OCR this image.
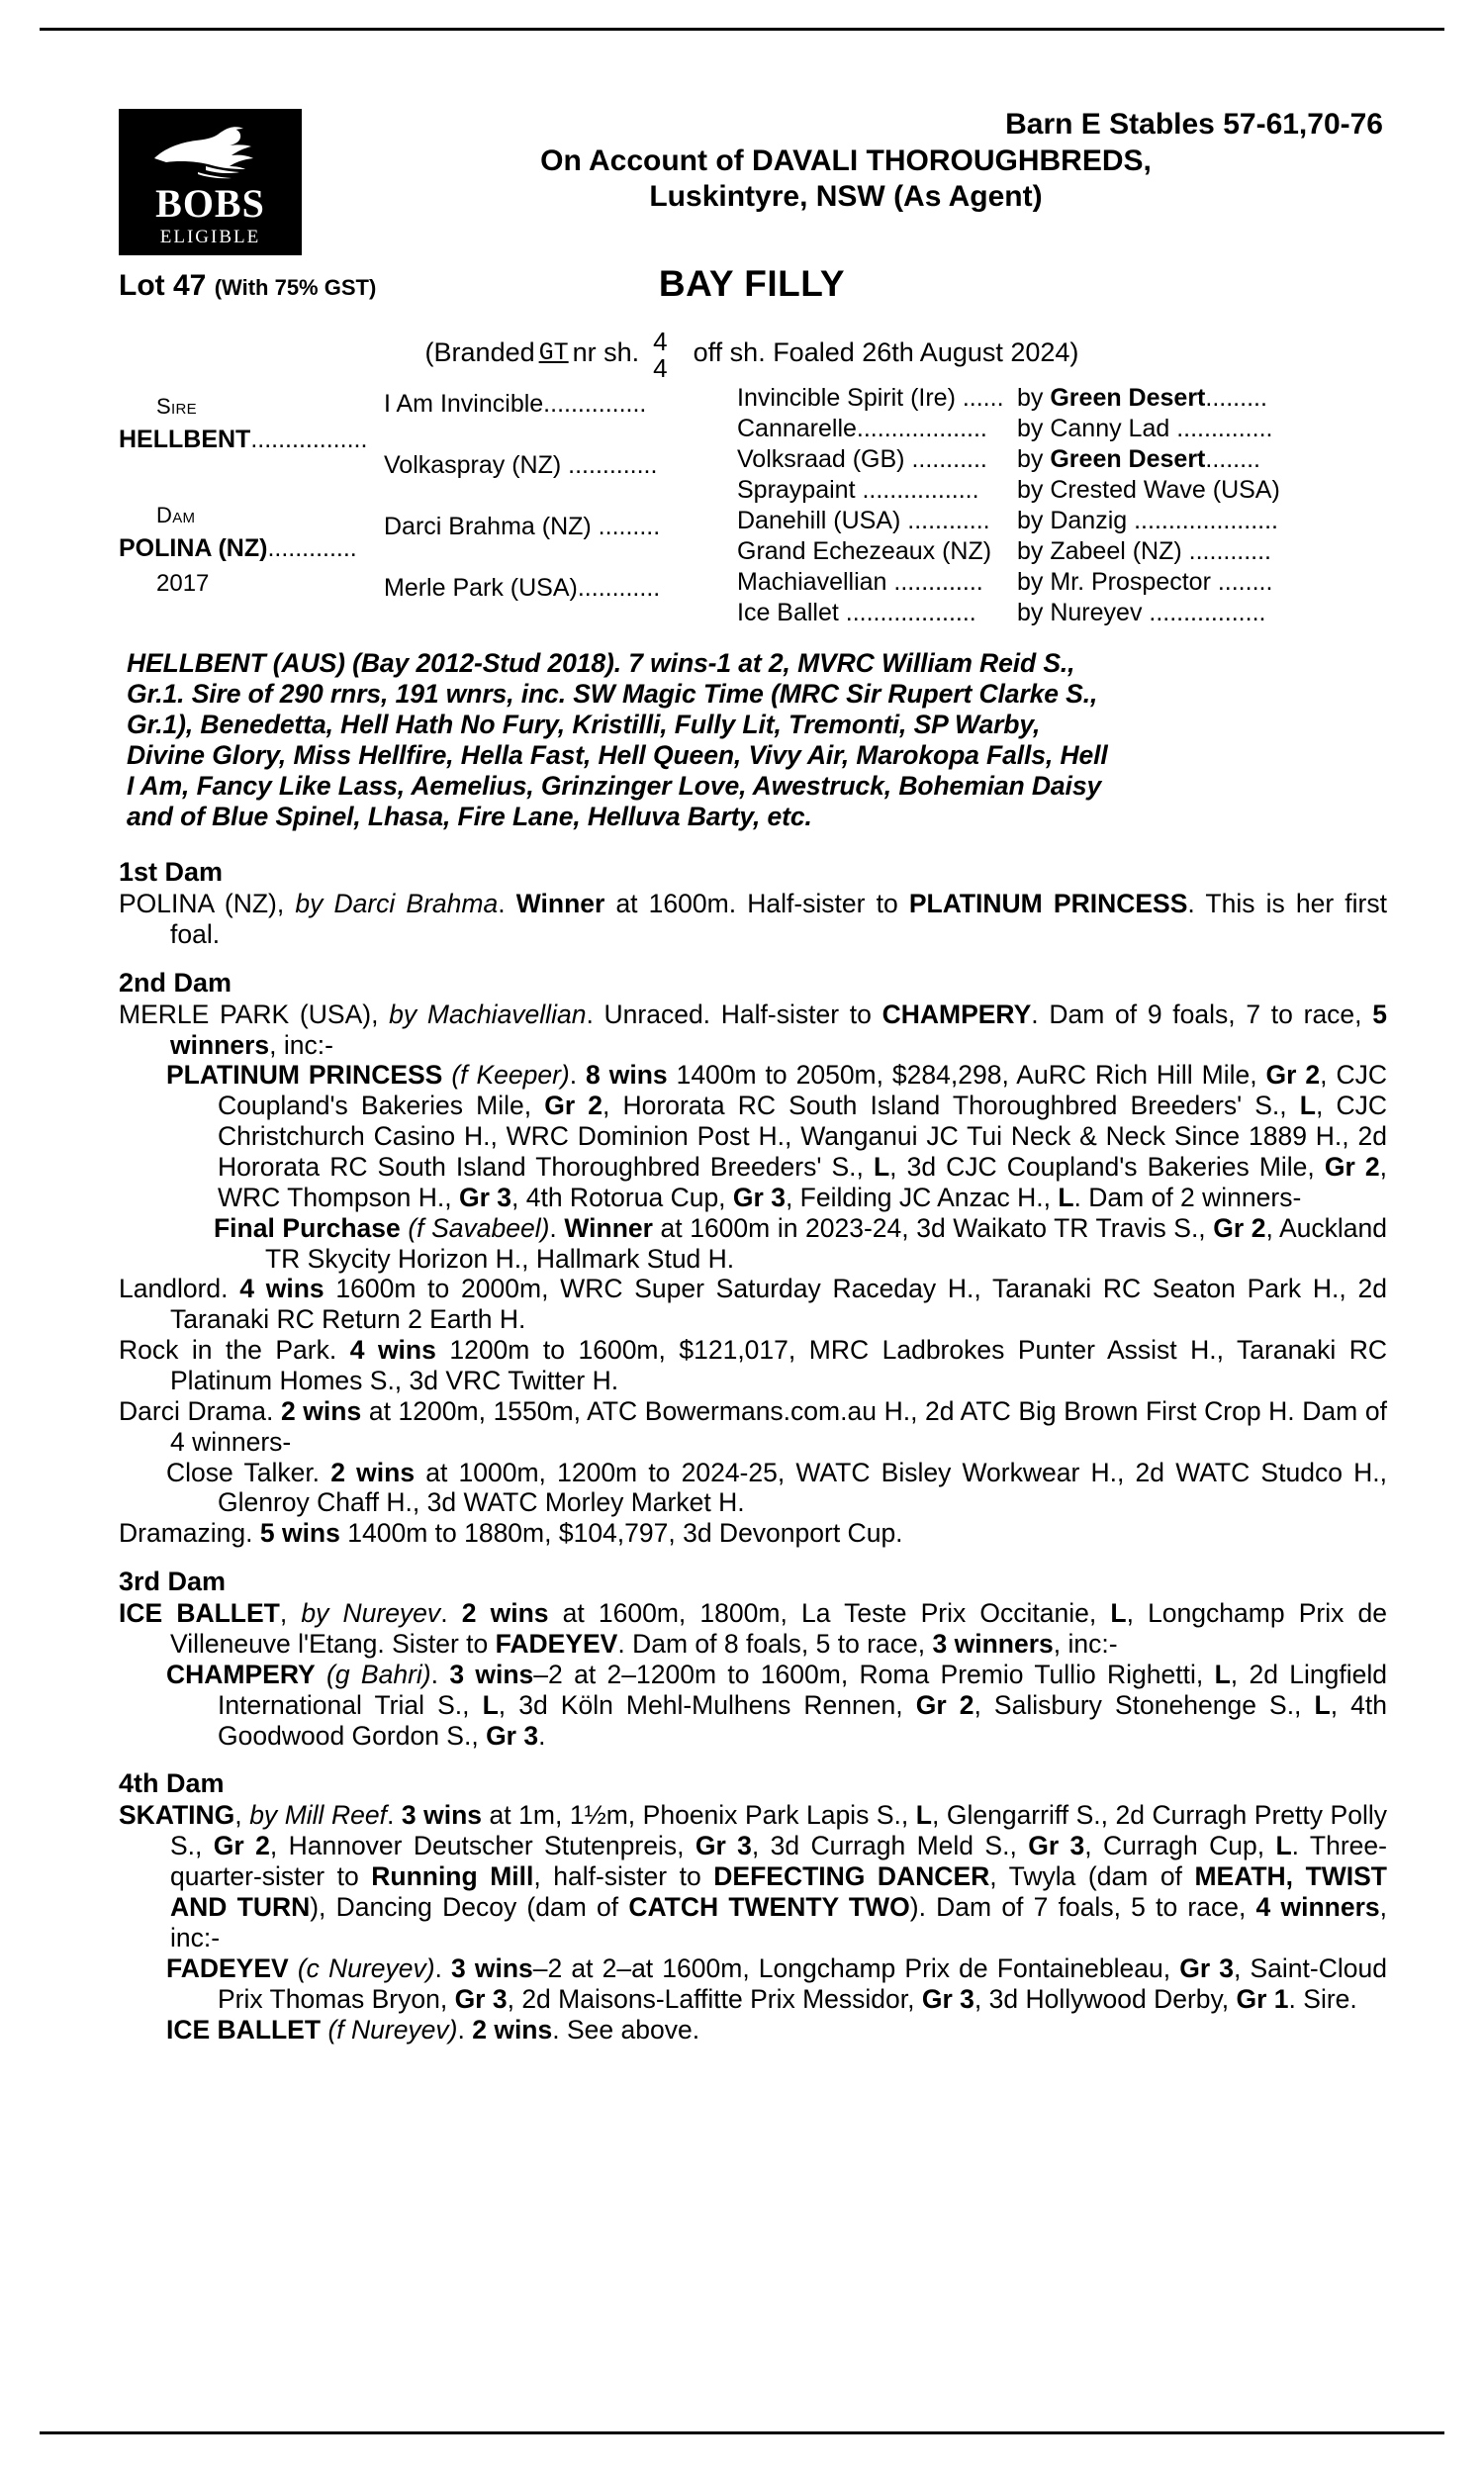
BOBS
ELIGIBLE
Barn E Stables 57-61,70-76
On Account of DAVALI THOROUGHBREDS,
Luskintyre, NSW (As Agent)
Lot 47 (With 75% GST)	BAY FILLY
(Branded GT nr sh. 4
4
off sh. Foaled 26th August 2024)
Sire
HELLBENT.................
Dam
POLINA (NZ).............
2017
I Am Invincible...............
Volkaspray (NZ) .............
Darci Brahma (NZ) .........
Merle Park (USA)............
Invincible Spirit (Ire) ......
Cannarelle...................
Volksraad (GB) ...........
Spraypaint .................
Danehill (USA) ............
Grand Echezeaux (NZ)
Machiavellian .............
Ice Ballet ...................
by Green Desert.........
by Canny Lad ..............
by Green Desert........
by Crested Wave (USA)
by Danzig .....................
by Zabeel (NZ) ............
by Mr. Prospector ........
by Nureyev .................
HELLBENT (AUS) (Bay 2012-Stud 2018). 7 wins-1 at 2, MVRC William Reid S.,
Gr.1. Sire of 290 rnrs, 191 wnrs, inc. SW Magic Time (MRC Sir Rupert Clarke S.,
Gr.1), Benedetta, Hell Hath No Fury, Kristilli, Fully Lit, Tremonti, SP Warby,
Divine Glory, Miss Hellfire, Hella Fast, Hell Queen, Vivy Air, Marokopa Falls, Hell
I Am, Fancy Like Lass, Aemelius, Grinzinger Love, Awestruck, Bohemian Daisy
and of Blue Spinel, Lhasa, Fire Lane, Helluva Barty, etc.
1st Dam

POLINA (NZ), by Darci Brahma. Winner at 1600m. Half-sister to PLATINUM PRINCESS. This is her first foal.

2nd Dam

MERLE PARK (USA), by Machiavellian. Unraced. Half-sister to CHAMPERY. Dam of 9 foals, 7 to race, 5 winners, inc:-

PLATINUM PRINCESS (f Keeper). 8 wins 1400m to 2050m, $284,298, AuRC Rich Hill Mile, Gr 2, CJC Coupland's Bakeries Mile, Gr 2, Hororata RC South Island Thoroughbred Breeders' S., L, CJC Christchurch Casino H., WRC Dominion Post H., Wanganui JC Tui Neck & Neck Since 1889 H., 2d Hororata RC South Island Thoroughbred Breeders' S., L, 3d CJC Coupland's Bakeries Mile, Gr 2, WRC Thompson H., Gr 3, 4th Rotorua Cup, Gr 3, Feilding JC Anzac H., L. Dam of 2 winners-

Final Purchase (f Savabeel). Winner at 1600m in 2023-24, 3d Waikato TR Travis S., Gr 2, Auckland TR Skycity Horizon H., Hallmark Stud H.

Landlord. 4 wins 1600m to 2000m, WRC Super Saturday Raceday H., Taranaki RC Seaton Park H., 2d Taranaki RC Return 2 Earth H.

Rock in the Park. 4 wins 1200m to 1600m, $121,017, MRC Ladbrokes Punter Assist H., Taranaki RC Platinum Homes S., 3d VRC Twitter H.

Darci Drama. 2 wins at 1200m, 1550m, ATC Bowermans.com.au H., 2d ATC Big Brown First Crop H. Dam of 4 winners-

Close Talker. 2 wins at 1000m, 1200m to 2024-25, WATC Bisley Workwear H., 2d WATC Studco H., Glenroy Chaff H., 3d WATC Morley Market H.

Dramazing. 5 wins 1400m to 1880m, $104,797, 3d Devonport Cup.

3rd Dam

ICE BALLET, by Nureyev. 2 wins at 1600m, 1800m, La Teste Prix Occitanie, L, Longchamp Prix de Villeneuve l'Etang. Sister to FADEYEV. Dam of 8 foals, 5 to race, 3 winners, inc:-

CHAMPERY (g Bahri). 3 wins–2 at 2–1200m to 1600m, Roma Premio Tullio Righetti, L, 2d Lingfield International Trial S., L, 3d Köln Mehl-Mulhens Rennen, Gr 2, Salisbury Stonehenge S., L, 4th Goodwood Gordon S., Gr 3.

4th Dam

SKATING, by Mill Reef. 3 wins at 1m, 1½m, Phoenix Park Lapis S., L, Glengarriff S., 2d Curragh Pretty Polly S., Gr 2, Hannover Deutscher Stutenpreis, Gr 3, 3d Curragh Meld S., Gr 3, Curragh Cup, L. Three-quarter-sister to Running Mill, half-sister to DEFECTING DANCER, Twyla (dam of MEATH, TWIST AND TURN), Dancing Decoy (dam of CATCH TWENTY TWO). Dam of 7 foals, 5 to race, 4 winners, inc:-

FADEYEV (c Nureyev). 3 wins–2 at 2–at 1600m, Longchamp Prix de Fontainebleau, Gr 3, Saint-Cloud Prix Thomas Bryon, Gr 3, 2d Maisons-Laffitte Prix Messidor, Gr 3, 3d Hollywood Derby, Gr 1. Sire.

ICE BALLET (f Nureyev). 2 wins. See above.
